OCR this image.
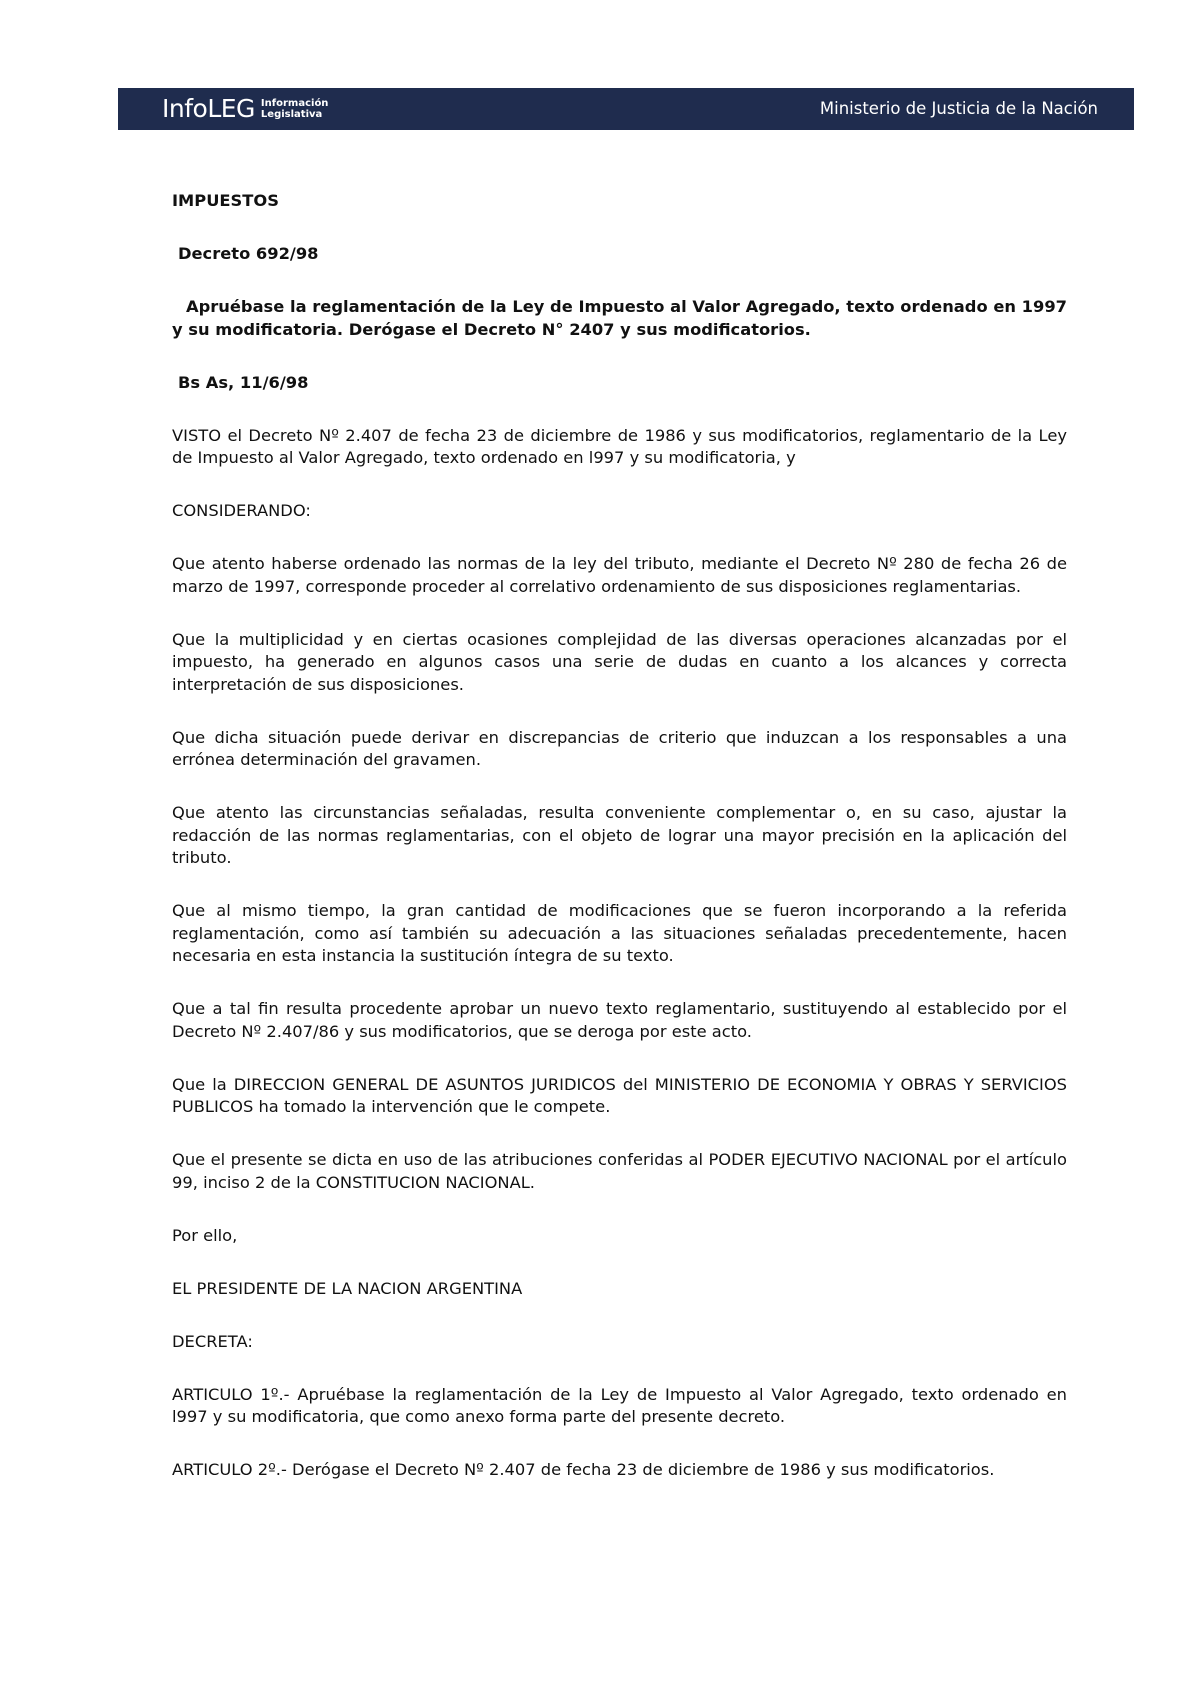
InfoLEG Información
Legislativa	Ministerio de Justicia de la Nación

IMPUESTOS

Decreto 692/98

Apruébase la reglamentación de la Ley de Impuesto al Valor Agregado, texto ordenado en 1997 y su modificatoria. Derógase el Decreto N° 2407 y sus modificatorios.

Bs As, 11/6/98

VISTO el Decreto Nº 2.407 de fecha 23 de diciembre de 1986 y sus modificatorios, reglamentario de la Ley de Impuesto al Valor Agregado, texto ordenado en l997 y su modificatoria, y

CONSIDERANDO:

Que atento haberse ordenado las normas de la ley del tributo, mediante el Decreto Nº 280 de fecha 26 de marzo de 1997, corresponde proceder al correlativo ordenamiento de sus disposiciones reglamentarias.

Que la multiplicidad y en ciertas ocasiones complejidad de las diversas operaciones alcanzadas por el impuesto, ha generado en algunos casos una serie de dudas en cuanto a los alcances y correcta interpretación de sus disposiciones.

Que dicha situación puede derivar en discrepancias de criterio que induzcan a los responsables a una errónea determinación del gravamen.

Que atento las circunstancias señaladas, resulta conveniente complementar o, en su caso, ajustar la redacción de las normas reglamentarias, con el objeto de lograr una mayor precisión en la aplicación del tributo.

Que al mismo tiempo, la gran cantidad de modificaciones que se fueron incorporando a la referida reglamentación, como así también su adecuación a las situaciones señaladas precedentemente, hacen necesaria en esta instancia la sustitución íntegra de su texto.

Que a tal fin resulta procedente aprobar un nuevo texto reglamentario, sustituyendo al establecido por el Decreto Nº 2.407/86 y sus modificatorios, que se deroga por este acto.

Que la DIRECCION GENERAL DE ASUNTOS JURIDICOS del MINISTERIO DE ECONOMIA Y OBRAS Y SERVICIOS PUBLICOS ha tomado la intervención que le compete.

Que el presente se dicta en uso de las atribuciones conferidas al PODER EJECUTIVO NACIONAL por el artículo 99, inciso 2 de la CONSTITUCION NACIONAL.

Por ello,

EL PRESIDENTE DE LA NACION ARGENTINA

DECRETA:

ARTICULO 1º.- Apruébase la reglamentación de la Ley de Impuesto al Valor Agregado, texto ordenado en l997 y su modificatoria, que como anexo forma parte del presente decreto.

ARTICULO 2º.- Derógase el Decreto Nº 2.407 de fecha 23 de diciembre de 1986 y sus modificatorios.
